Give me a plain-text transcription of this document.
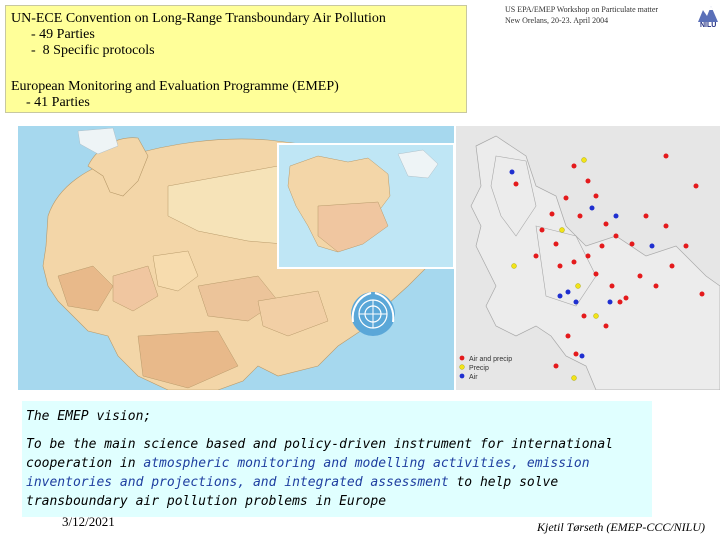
UN-ECE Convention on Long-Range Transboundary Air Pollution
- 49 Parties
-  8 Specific protocols
European Monitoring and Evaluation Programme (EMEP)
- 41 Parties
US EPA/EMEP Workshop on Particulate matter
New Orelans, 20-23. April 2004
NILU
Air and precip
Precip
Air
The EMEP vision;
To be the main science based and policy-driven instrument for international
cooperation in atmospheric monitoring and modelling activities, emission
inventories and projections, and integrated assessment to help solve
transboundary air pollution problems in Europe
3/12/2021	Kjetil Tørseth (EMEP-CCC/NILU)
